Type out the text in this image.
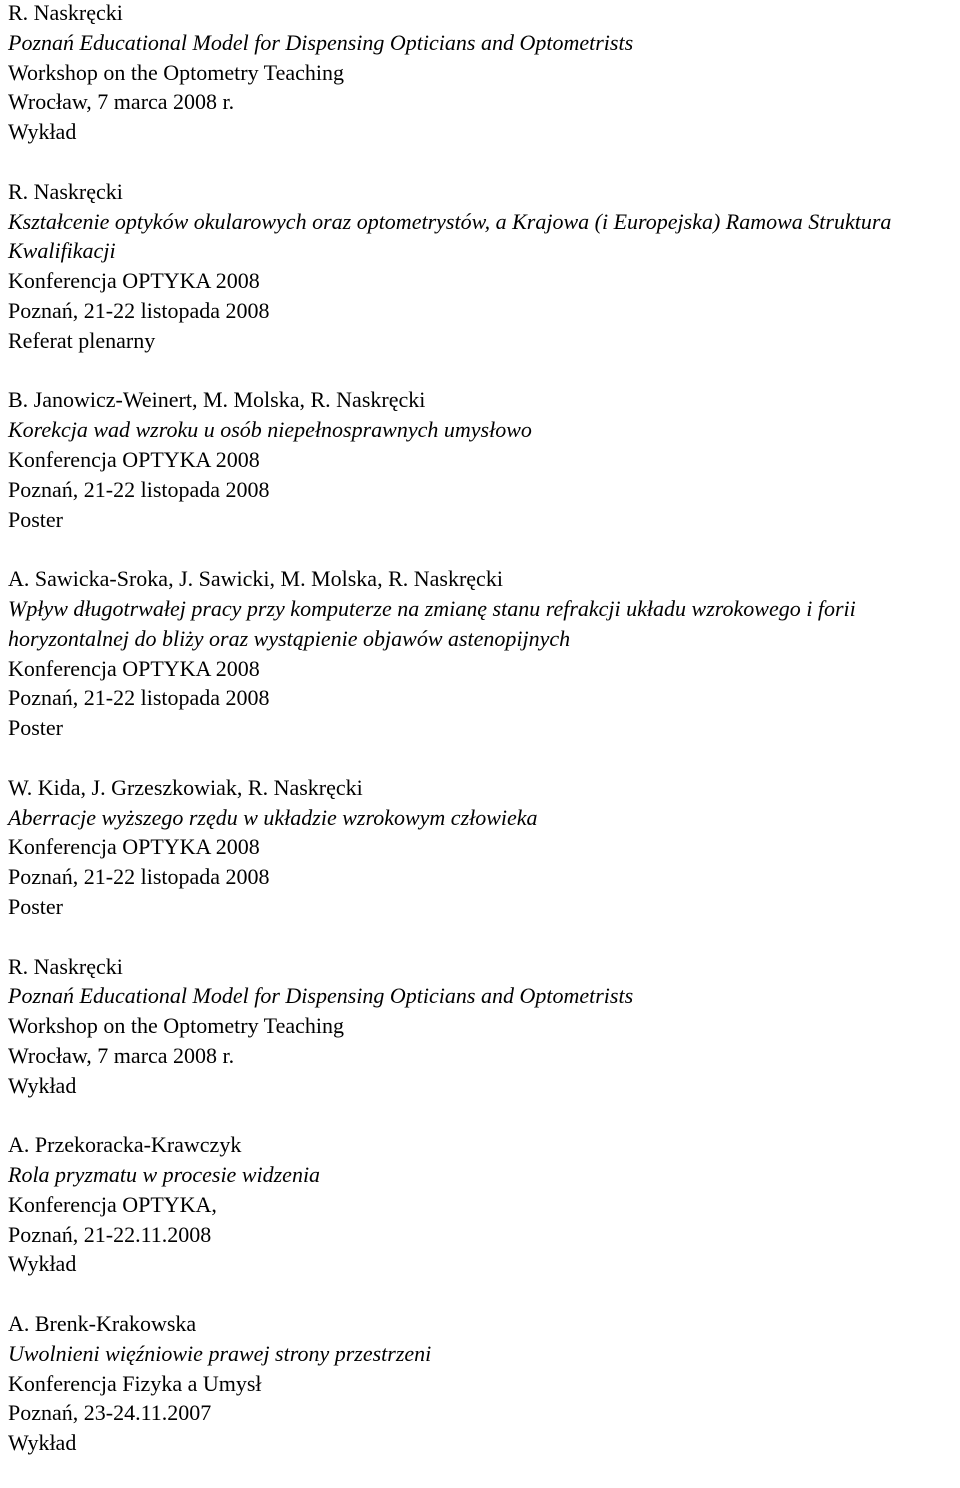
R. Naskręcki
Poznań Educational Model for Dispensing Opticians and Optometrists
Workshop on the Optometry Teaching
Wrocław, 7 marca 2008 r.
Wykład
R. Naskręcki
Kształcenie optyków okularowych oraz optometrystów, a Krajowa (i Europejska) Ramowa Struktura Kwalifikacji
Konferencja OPTYKA 2008
Poznań, 21-22 listopada 2008
Referat plenarny
B. Janowicz-Weinert, M. Molska, R. Naskręcki
Korekcja wad wzroku u osób niepełnosprawnych umysłowo
Konferencja OPTYKA 2008
Poznań, 21-22 listopada 2008
Poster
A. Sawicka-Sroka, J. Sawicki, M. Molska, R. Naskręcki
Wpływ długotrwałej pracy przy komputerze na zmianę stanu refrakcji układu wzrokowego i forii horyzontalnej do bliży oraz wystąpienie objawów astenopijnych
Konferencja OPTYKA 2008
Poznań, 21-22 listopada 2008
Poster
W. Kida, J. Grzeszkowiak, R. Naskręcki
Aberracje wyższego rzędu w układzie wzrokowym człowieka
Konferencja OPTYKA 2008
Poznań, 21-22 listopada 2008
Poster
R. Naskręcki
Poznań Educational Model for Dispensing Opticians and Optometrists
Workshop on the Optometry Teaching
Wrocław, 7 marca 2008 r.
Wykład
A. Przekoracka-Krawczyk
Rola pryzmatu w procesie widzenia
Konferencja OPTYKA,
Poznań, 21-22.11.2008
Wykład
A. Brenk-Krakowska
Uwolnieni więźniowie prawej strony przestrzeni
Konferencja Fizyka a Umysł
Poznań, 23-24.11.2007
Wykład
